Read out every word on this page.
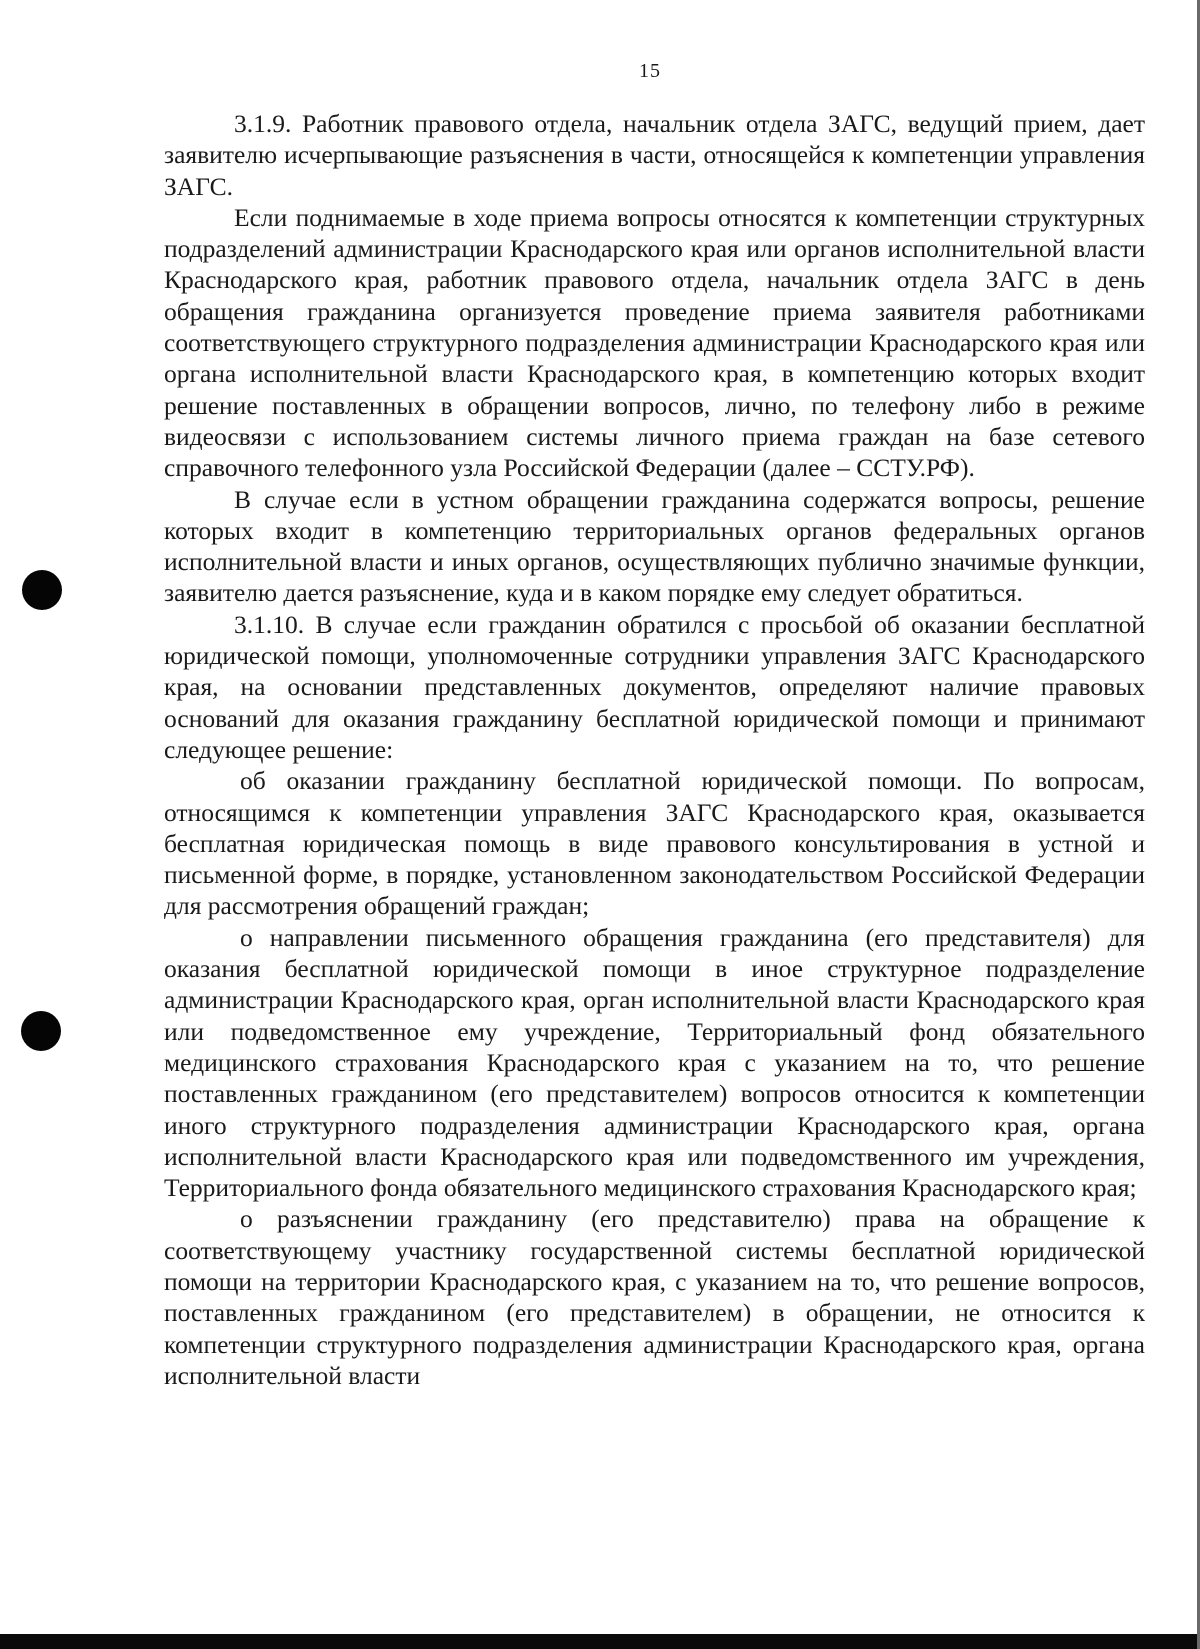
15

3.1.9. Работник правового отдела, начальник отдела ЗАГС, ведущий прием, дает заявителю исчерпывающие разъяснения в части, относящейся к компетенции управления ЗАГС.

Если поднимаемые в ходе приема вопросы относятся к компетенции структурных подразделений администрации Краснодарского края или органов исполнительной власти Краснодарского края, работник правового отдела, начальник отдела ЗАГС в день обращения гражданина организуется проведение приема заявителя работниками соответствующего структурного подразделения администрации Краснодарского края или органа исполнительной власти Краснодарского края, в компетенцию которых входит решение поставленных в обращении вопросов, лично, по телефону либо в режиме видеосвязи с использованием системы личного приема граждан на базе сетевого справочного телефонного узла Российской Федерации (далее – ССТУ.РФ).

В случае если в устном обращении гражданина содержатся вопросы, решение которых входит в компетенцию территориальных органов федеральных органов исполнительной власти и иных органов, осуществляющих публично значимые функции, заявителю дается разъяснение, куда и в каком порядке ему следует обратиться.

3.1.10. В случае если гражданин обратился с просьбой об оказании бесплатной юридической помощи, уполномоченные сотрудники управления ЗАГС Краснодарского края, на основании представленных документов, определяют наличие правовых оснований для оказания гражданину бесплатной юридической помощи и принимают следующее решение:

об оказании гражданину бесплатной юридической помощи. По вопросам, относящимся к компетенции управления ЗАГС Краснодарского края, оказывается бесплатная юридическая помощь в виде правового консультирования в устной и письменной форме, в порядке, установленном законодательством Российской Федерации для рассмотрения обращений граждан;

о направлении письменного обращения гражданина (его представителя) для оказания бесплатной юридической помощи в иное структурное подразделение администрации Краснодарского края, орган исполнительной власти Краснодарского края или подведомственное ему учреждение, Территориальный фонд обязательного медицинского страхования Краснодарского края с указанием на то, что решение поставленных гражданином (его представителем) вопросов относится к компетенции иного структурного подразделения администрации Краснодарского края, органа исполнительной власти Краснодарского края или подведомственного им учреждения, Территориального фонда обязательного медицинского страхования Краснодарского края;

о разъяснении гражданину (его представителю) права на обращение к соответствующему участнику государственной системы бесплатной юридической помощи на территории Краснодарского края, с указанием на то, что решение вопросов, поставленных гражданином (его представителем) в обращении, не относится к компетенции структурного подразделения администрации Краснодарского края, органа исполнительной власти
